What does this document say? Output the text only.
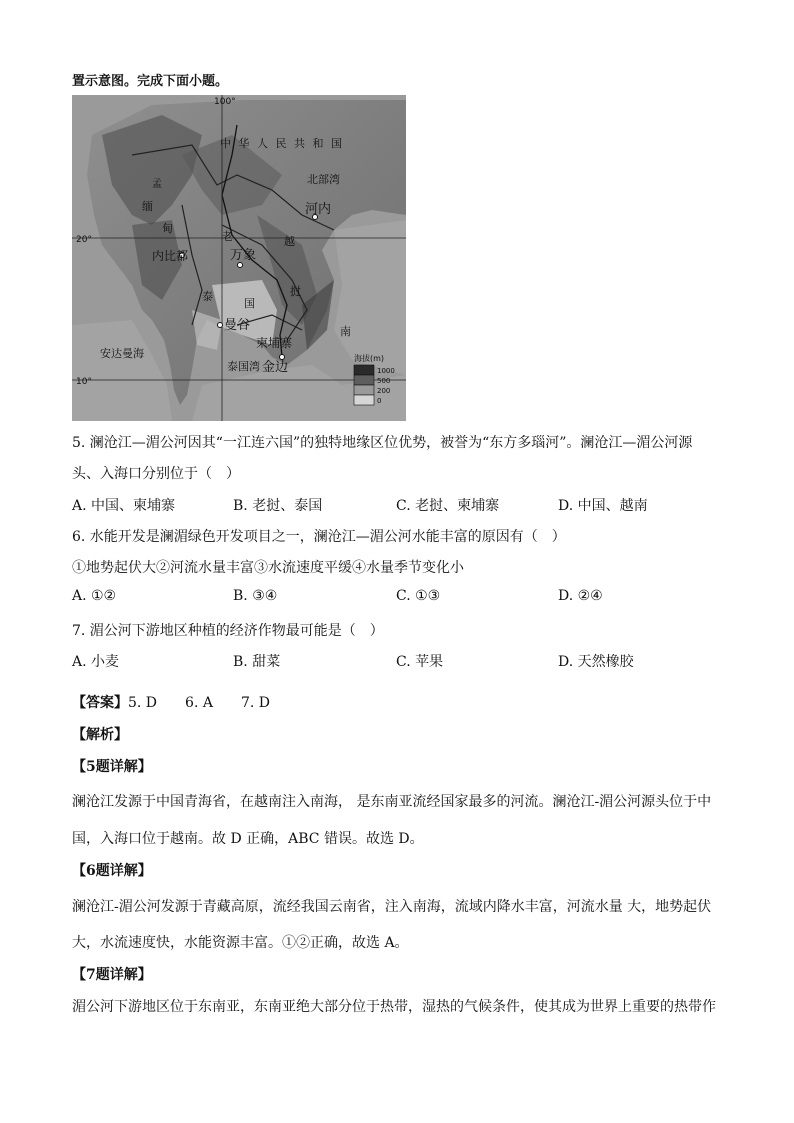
置示意图。完成下面小题。
100°
20°
10°
中 华 人 民 共 和 国
北部湾
河内
缅
甸
内比都
老
挝
万象
泰
国
曼谷
柬埔寨
金边
南
越
安达曼海
泰国湾
孟
海拔(m)
1000
500
200
0
5. 澜沧江—湄公河因其“一江连六国”的独特地缘区位优势，被誉为“东方多瑙河”。澜沧江—湄公河源
头、入海口分别位于（　）
A. 中国、柬埔寨	B. 老挝、泰国	C. 老挝、柬埔寨	D. 中国、越南
6. 水能开发是澜湄绿色开发项目之一，澜沧江—湄公河水能丰富的原因有（　）
①地势起伏大②河流水量丰富③水流速度平缓④水量季节变化小
A. ①②	B. ③④	C. ①③	D. ②④
7. 湄公河下游地区种植的经济作物最可能是（　）
A. 小麦	B. 甜菜	C. 苹果	D. 天然橡胶
【答案】5. D　　6. A　　7. D
【解析】
【5题详解】
澜沧江发源于中国青海省，在越南注入南海， 是东南亚流经国家最多的河流。澜沧江-湄公河源头位于中
国，入海口位于越南。故 D 正确，ABC 错误。故选 D。
【6题详解】
澜沧江-湄公河发源于青藏高原，流经我国云南省，注入南海，流域内降水丰富，河流水量 大，地势起伏
大，水流速度快，水能资源丰富。①②正确，故选 A。
【7题详解】
湄公河下游地区位于东南亚，东南亚绝大部分位于热带，湿热的气候条件，使其成为世界上重要的热带作
